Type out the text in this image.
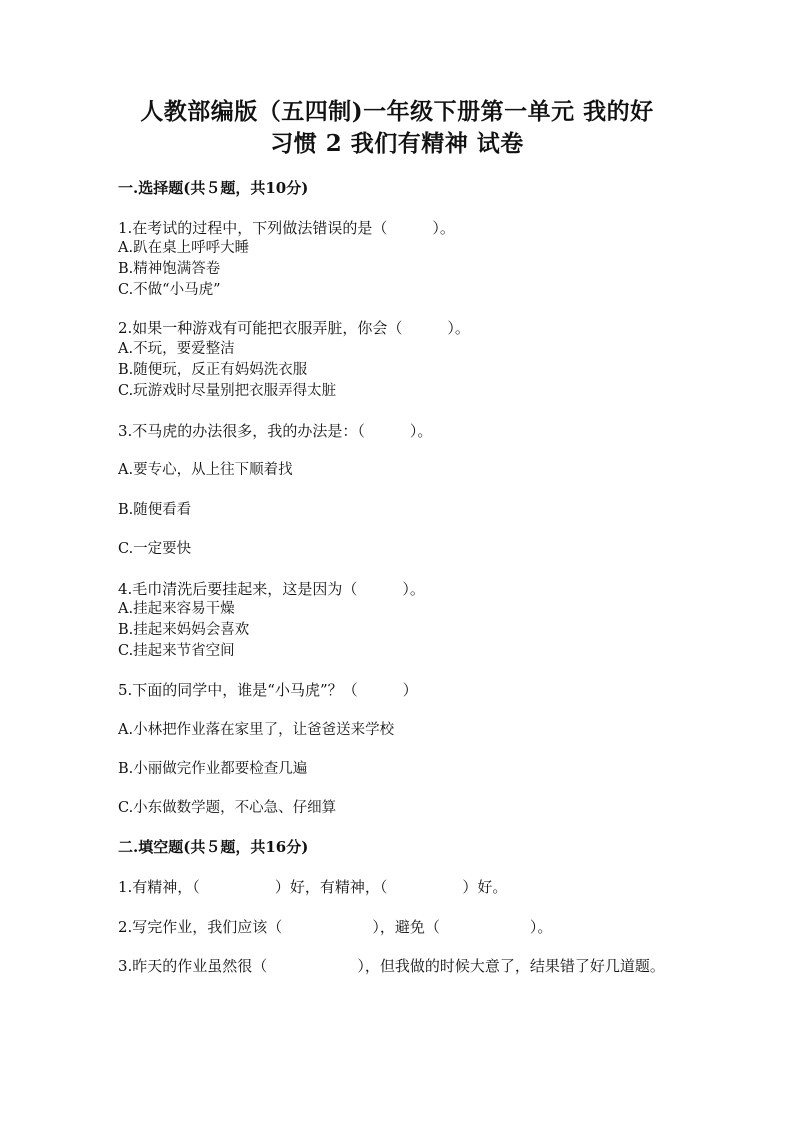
人教部编版（五四制)一年级下册第一单元 我的好
习惯 2 我们有精神 试卷
一.选择题(共５题，共10分)
1.在考试的过程中，下列做法错误的是（　　　）。
A.趴在桌上呼呼大睡
B.精神饱满答卷
C.不做“小马虎”
2.如果一种游戏有可能把衣服弄脏，你会（　　　）。
A.不玩，要爱整洁
B.随便玩，反正有妈妈洗衣服
C.玩游戏时尽量别把衣服弄得太脏
3.不马虎的办法很多，我的办法是：（　　　）。
A.要专心，从上往下顺着找
B.随便看看
C.一定要快
4.毛巾清洗后要挂起来，这是因为（　　　）。
A.挂起来容易干燥
B.挂起来妈妈会喜欢
C.挂起来节省空间
5.下面的同学中，谁是“小马虎”？（　　　）
A.小林把作业落在家里了，让爸爸送来学校
B.小丽做完作业都要检查几遍
C.小东做数学题，不心急、仔细算
二.填空题(共５题，共16分)
1.有精神，（　　　　　）好，有精神，（　　　　　）好。
2.写完作业，我们应该（　　　　　　），避免（　　　　　　）。
3.昨天的作业虽然很（　　　　　　），但我做的时候大意了，结果错了好几道题。
